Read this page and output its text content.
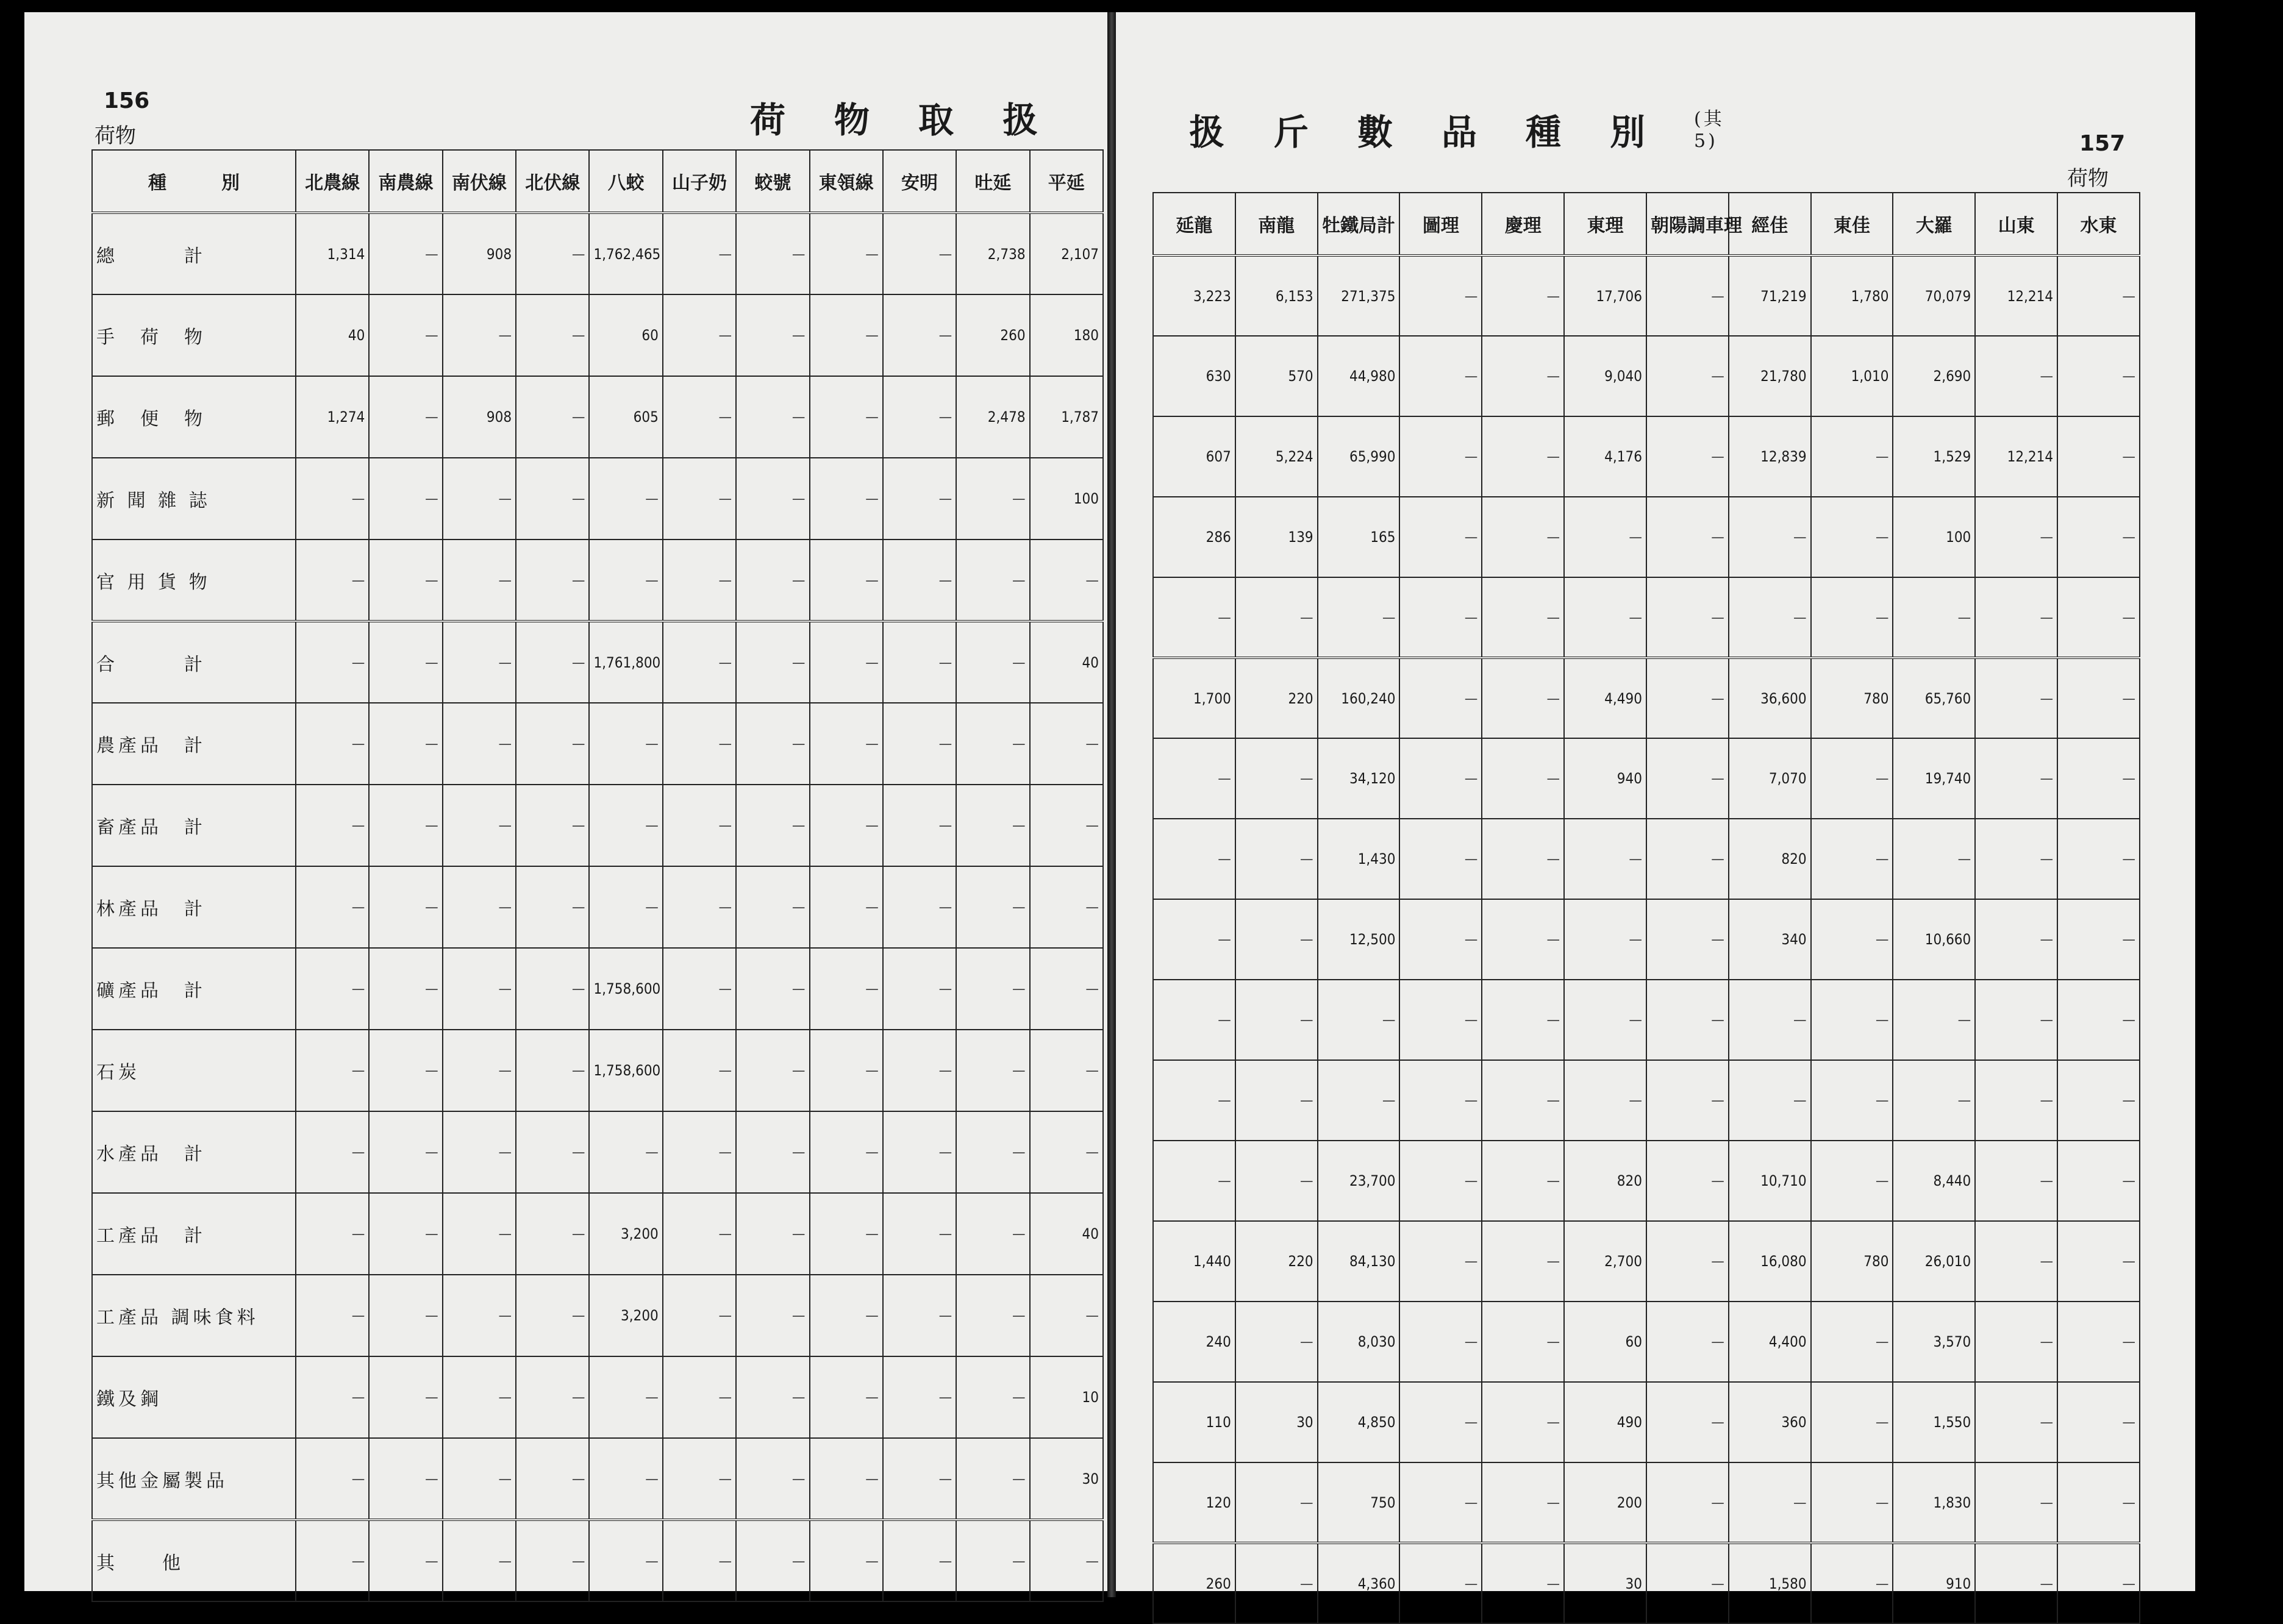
156
荷物	荷物取扱
種　　　別	北農線	南農線	南伏線	北伏線	八蛟	山子奶	蛟號	東領線	安明	吐延	平延
總　　　計	1,314	—	908	—	1,762,465	—	—	—	—	2,738	2,107
手　荷　物	40	—	—	—	60	—	—	—	—	260	180
郵　便　物	1,274	—	908	—	605	—	—	—	—	2,478	1,787
新 聞 雜 誌	—	—	—	—	—	—	—	—	—	—	100
官 用 貨 物	—	—	—	—	—	—	—	—	—	—	—
合　　　計	—	—	—	—	1,761,800	—	—	—	—	—	40
農產品　計	—	—	—	—	—	—	—	—	—	—	—
畜產品　計	—	—	—	—	—	—	—	—	—	—	—
林產品　計	—	—	—	—	—	—	—	—	—	—	—
礦產品　計	—	—	—	—	1,758,600	—	—	—	—	—	—
石炭	—	—	—	—	1,758,600	—	—	—	—	—	—
水產品　計	—	—	—	—	—	—	—	—	—	—	—
工產品　計	—	—	—	—	3,200	—	—	—	—	—	40
工產品 調味食料	—	—	—	—	3,200	—	—	—	—	—	—
鐵及鋼	—	—	—	—	—	—	—	—	—	—	10
其他金屬製品	—	—	—	—	—	—	—	—	—	—	30
其　　他	—	—	—	—	—	—	—	—	—	—	—
扱斤數品種別 (其5)	157
荷物
延龍	南龍	牡鐵局計	圖理	慶理	東理	朝陽調車理	經佳	東佳	大羅	山東	水東
3,223	6,153	271,375	—	—	17,706	—	71,219	1,780	70,079	12,214	—
630	570	44,980	—	—	9,040	—	21,780	1,010	2,690	—	—
607	5,224	65,990	—	—	4,176	—	12,839	—	1,529	12,214	—
286	139	165	—	—	—	—	—	—	100	—	—
—	—	—	—	—	—	—	—	—	—	—	—
1,700	220	160,240	—	—	4,490	—	36,600	780	65,760	—	—
—	—	34,120	—	—	940	—	7,070	—	19,740	—	—
—	—	1,430	—	—	—	—	820	—	—	—	—
—	—	12,500	—	—	—	—	340	—	10,660	—	—
—	—	—	—	—	—	—	—	—	—	—	—
—	—	—	—	—	—	—	—	—	—	—	—
—	—	23,700	—	—	820	—	10,710	—	8,440	—	—
1,440	220	84,130	—	—	2,700	—	16,080	780	26,010	—	—
240	—	8,030	—	—	60	—	4,400	—	3,570	—	—
110	30	4,850	—	—	490	—	360	—	1,550	—	—
120	—	750	—	—	200	—	—	—	1,830	—	—
260	—	4,360	—	—	30	—	1,580	—	910	—	—
